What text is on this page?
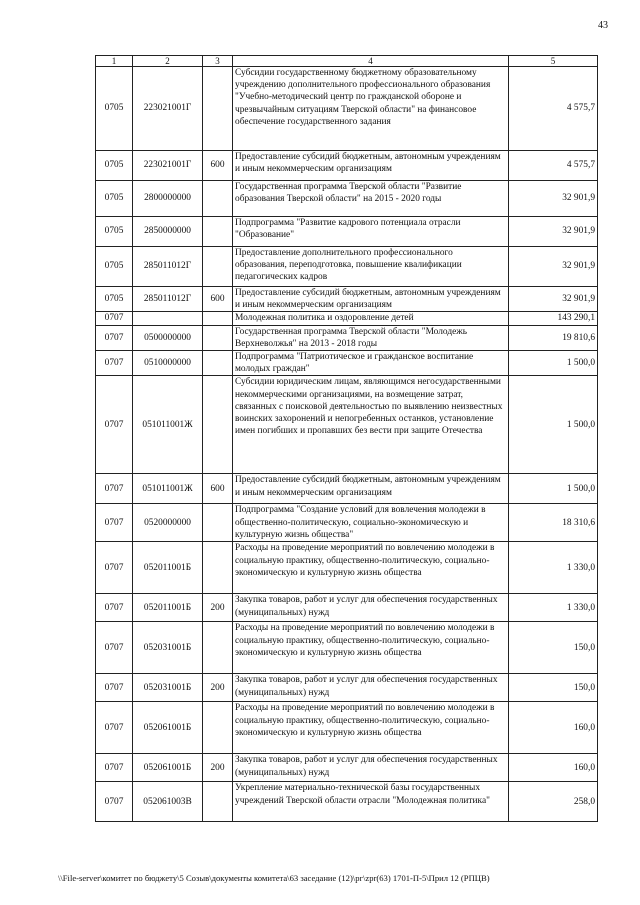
43
1	2	3	4	5
0705	223021001Г		Субсидии государственному бюджетному образовательному учреждению дополнительного профессионального образования "Учебно-методический центр по гражданской обороне и чрезвычайным ситуациям Тверской области" на финансовое обеспечение государственного задания	4 575,7
0705	223021001Г	600	Предоставление субсидий бюджетным, автономным учреждениям и иным некоммерческим организациям	4 575,7
0705	2800000000		Государственная программа Тверской области "Развитие образования Тверской области" на 2015 - 2020 годы	32 901,9
0705	2850000000		Подпрограмма "Развитие кадрового потенциала отрасли "Образование"	32 901,9
0705	285011012Г		Предоставление дополнительного профессионального образования, переподготовка, повышение квалификации педагогических кадров	32 901,9
0705	285011012Г	600	Предоставление субсидий бюджетным, автономным учреждениям и иным некоммерческим организациям	32 901,9
0707			Молодежная политика и оздоровление детей	143 290,1
0707	0500000000		Государственная программа Тверской области "Молодежь Верхневолжья" на 2013 - 2018 годы	19 810,6
0707	0510000000		Подпрограмма "Патриотическое и гражданское воспитание молодых граждан"	1 500,0
0707	051011001Ж		Субсидии юридическим лицам, являющимся негосударственными некоммерческими организациями, на возмещение затрат, связанных с поисковой деятельностью по выявлению неизвестных воинских захоронений и непогребенных останков, установление имен погибших и пропавших без вести при защите Отечества	1 500,0
0707	051011001Ж	600	Предоставление субсидий бюджетным, автономным учреждениям и иным некоммерческим организациям	1 500,0
0707	0520000000		Подпрограмма "Создание условий для вовлечения молодежи в общественно-политическую, социально-экономическую и культурную жизнь общества"	18 310,6
0707	052011001Б		Расходы на проведение мероприятий по вовлечению молодежи в социальную практику, общественно-политическую, социально-экономическую и культурную жизнь общества	1 330,0
0707	052011001Б	200	Закупка товаров, работ и услуг для обеспечения государственных (муниципальных) нужд	1 330,0
0707	052031001Б		Расходы на проведение мероприятий по вовлечению молодежи в социальную практику, общественно-политическую, социально-экономическую и культурную жизнь общества	150,0
0707	052031001Б	200	Закупка товаров, работ и услуг для обеспечения государственных (муниципальных) нужд	150,0
0707	052061001Б		Расходы на проведение мероприятий по вовлечению молодежи в социальную практику, общественно-политическую, социально-экономическую и культурную жизнь общества	160,0
0707	052061001Б	200	Закупка товаров, работ и услуг для обеспечения государственных (муниципальных) нужд	160,0
0707	052061003В		Укрепление материально-технической базы государственных учреждений Тверской области отрасли "Молодежная политика"	258,0
\\File-server\комитет по бюджету\5 Созыв\документы комитета\63 заседание (12)\рг\zpr(63) 1701-П-5\Прил 12 (РПЦВ)
